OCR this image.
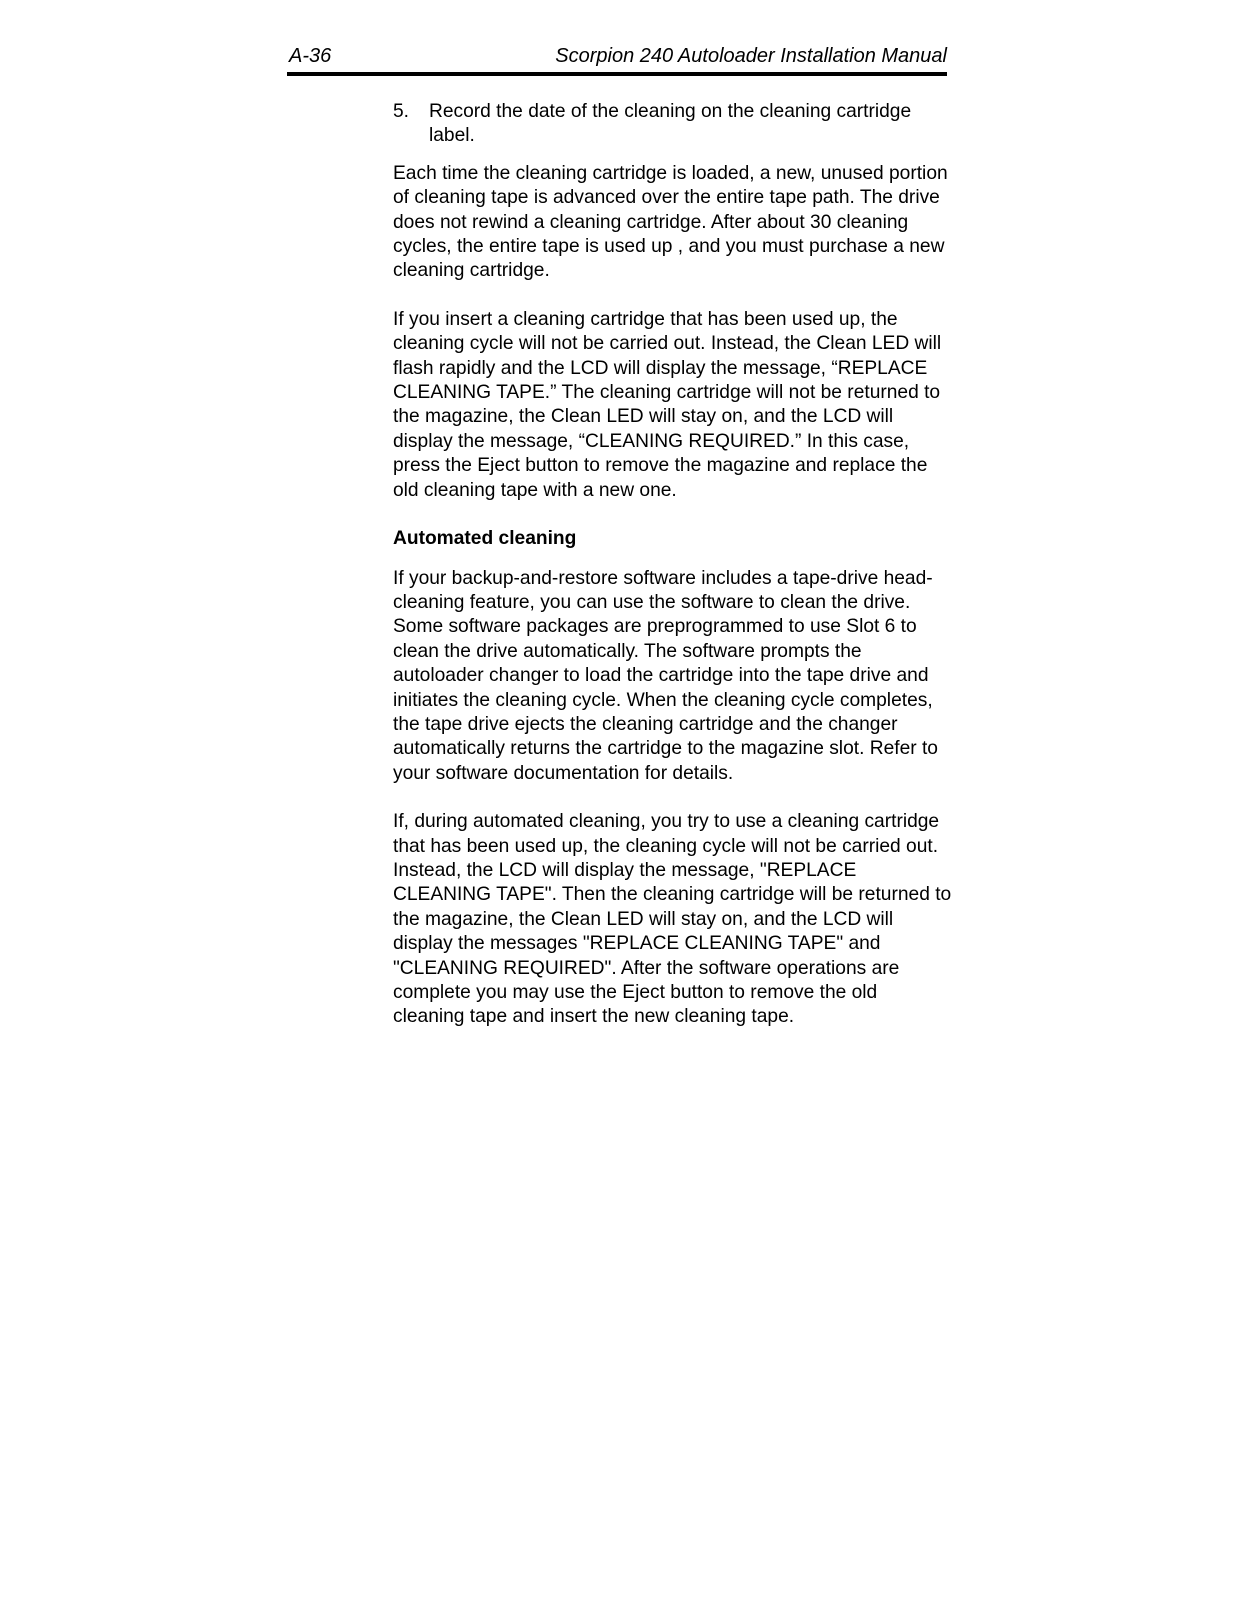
A-36	Scorpion 240 Autoloader Installation Manual
5.	Record the date of the cleaning on the cleaning cartridge label.

Each time the cleaning cartridge is loaded, a new, unused portion of cleaning tape is advanced over the entire tape path. The drive does not rewind a cleaning cartridge. After about 30 cleaning cycles, the entire tape is used up , and you must purchase a new cleaning cartridge.

If you insert a cleaning cartridge that has been used up, the cleaning cycle will not be carried out. Instead, the Clean LED will flash rapidly and the LCD will display the message, “REPLACE CLEANING TAPE.” The cleaning cartridge will not be returned to the magazine, the Clean LED will stay on, and the LCD will display the message, “CLEANING REQUIRED.” In this case, press the Eject button to remove the magazine and replace the old cleaning tape with a new one.

Automated cleaning

If your backup-and-restore software includes a tape-drive head-cleaning feature, you can use the software to clean the drive. Some software packages are preprogrammed to use Slot 6 to clean the drive automatically. The software prompts the autoloader changer to load the cartridge into the tape drive and initiates the cleaning cycle. When the cleaning cycle completes, the tape drive ejects the cleaning cartridge and the changer automatically returns the cartridge to the magazine slot. Refer to your software documentation for details.

If, during automated cleaning, you try to use a cleaning cartridge that has been used up, the cleaning cycle will not be carried out. Instead, the LCD will display the message, "REPLACE CLEANING TAPE". Then the cleaning cartridge will be returned to the magazine, the Clean LED will stay on, and the LCD will display the messages "REPLACE CLEANING TAPE" and "CLEANING REQUIRED". After the software operations are complete you may use the Eject button to remove the old cleaning tape and insert the new cleaning tape.
